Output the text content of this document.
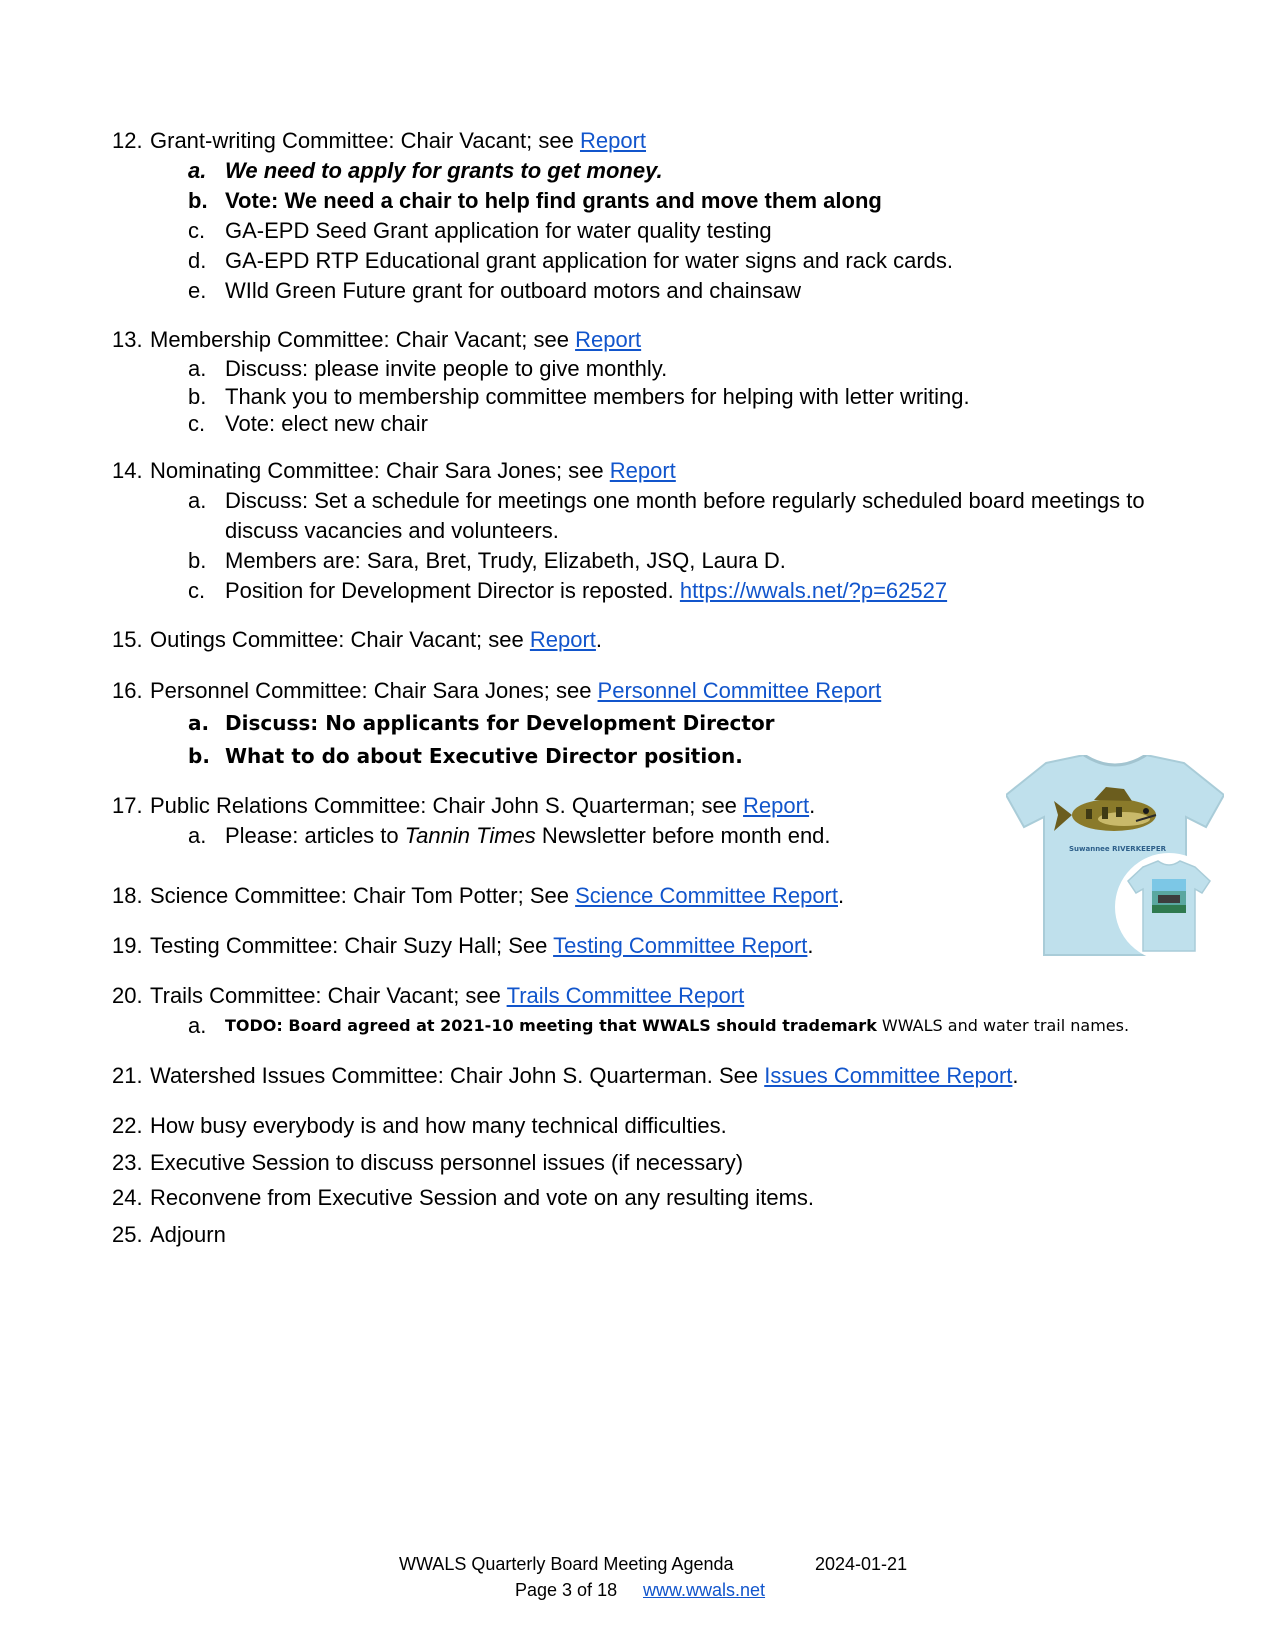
12. Grant-writing Committee: Chair Vacant; see Report
a. We need to apply for grants to get money.
b. Vote: We need a chair to help find grants and move them along
c. GA-EPD Seed Grant application for water quality testing
d. GA-EPD RTP Educational grant application for water signs and rack cards.
e. WIld Green Future grant for outboard motors and chainsaw
13. Membership Committee: Chair Vacant; see Report
a. Discuss: please invite people to give monthly.
b. Thank you to membership committee members for helping with letter writing.
c. Vote: elect new chair
14. Nominating Committee: Chair Sara Jones; see Report
a. Discuss: Set a schedule for meetings one month before regularly scheduled board meetings to discuss vacancies and volunteers.
b. Members are: Sara, Bret, Trudy, Elizabeth, JSQ, Laura D.
c. Position for Development Director is reposted. https://wwals.net/?p=62527
15. Outings Committee: Chair Vacant; see Report.
16. Personnel Committee: Chair Sara Jones; see Personnel Committee Report
a. Discuss: No applicants for Development Director
b. What to do about Executive Director position.
17. Public Relations Committee: Chair John S. Quarterman; see Report.
a. Please: articles to Tannin Times Newsletter before month end.
Suwannee RIVERKEEPER
18. Science Committee: Chair Tom Potter; See Science Committee Report.
19. Testing Committee: Chair Suzy Hall; See Testing Committee Report.
20. Trails Committee: Chair Vacant; see Trails Committee Report
a.	TODO: Board agreed at 2021-10 meeting that WWALS should trademark WWALS and water trail names.
21. Watershed Issues Committee: Chair John S. Quarterman. See Issues Committee Report.
22. How busy everybody is and how many technical difficulties.
23. Executive Session to discuss personnel issues (if necessary)
24. Reconvene from Executive Session and vote on any resulting items.
25. Adjourn
WWALS Quarterly Board Meeting Agenda	2024-01-21
Page 3 of 18 www.wwals.net
